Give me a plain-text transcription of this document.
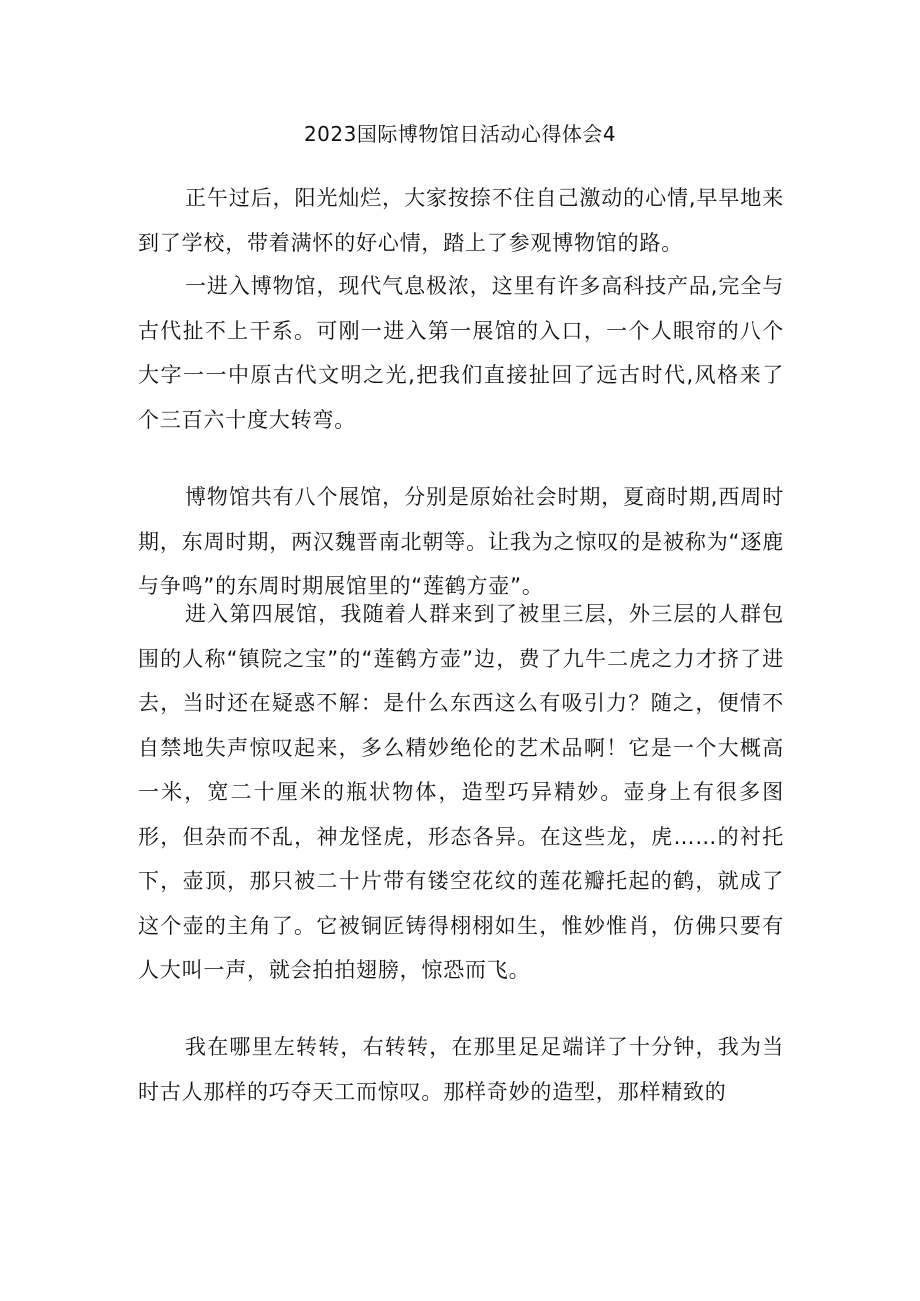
2023国际博物馆日活动心得体会4

正午过后，阳光灿烂，大家按捺不住自己激动的心情,早早地来到了学校，带着满怀的好心情，踏上了参观博物馆的路。

一进入博物馆，现代气息极浓，这里有许多高科技产品,完全与古代扯不上干系。可刚一进入第一展馆的入口，一个人眼帘的八个大字一一中原古代文明之光,把我们直接扯回了远古时代,风格来了个三百六十度大转弯。

博物馆共有八个展馆，分别是原始社会时期，夏商时期,西周时期，东周时期，两汉魏晋南北朝等。让我为之惊叹的是被称为“逐鹿与争鸣”的东周时期展馆里的“莲鹤方壶”。

进入第四展馆，我随着人群来到了被里三层，外三层的人群包围的人称“镇院之宝”的“莲鹤方壶”边，费了九牛二虎之力才挤了进去，当时还在疑惑不解：是什么东西这么有吸引力？随之，便情不自禁地失声惊叹起来，多么精妙绝伦的艺术品啊！它是一个大概高一米，宽二十厘米的瓶状物体，造型巧异精妙。壶身上有很多图形，但杂而不乱，神龙怪虎，形态各异。在这些龙，虎……的衬托下，壶顶，那只被二十片带有镂空花纹的莲花瓣托起的鹤，就成了这个壶的主角了。它被铜匠铸得栩栩如生，惟妙惟肖，仿佛只要有人大叫一声，就会拍拍翅膀，惊恐而飞。

我在哪里左转转，右转转，在那里足足端详了十分钟，我为当时古人那样的巧夺天工而惊叹。那样奇妙的造型，那样精致的
